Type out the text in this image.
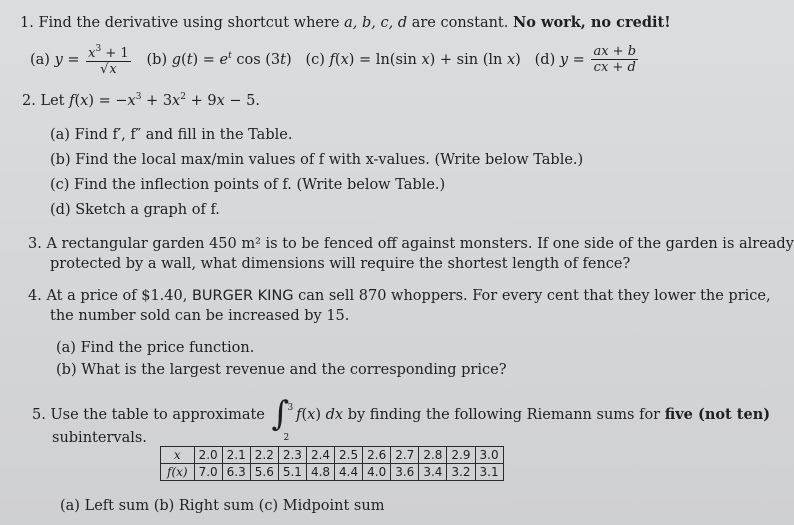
1. Find the derivative using shortcut where a, b, c, d are constant. No work, no credit!
(a) $y = \frac{x^3 + 1}{√x} (b) g(t) = e^t$ cos (3t) (c) f(x) = ln(sin x) + sin (ln x) (d) $y = \frac{ax + b}{cx + d}$
2. Let $f(x) = -x^3 + 3x^2 + 9x - 5$.
(a) Find f′, f″ and fill in the Table.
(b) Find the local max/min values of f with x-values. (Write below Table.)
(c) Find the inflection points of f. (Write below Table.)
(d) Sketch a graph of f.
3. A rectangular garden 450 m² is to be fenced off against monsters. If one side of the garden is already
protected by a wall, what dimensions will require the shortest length of fence?
4. At a price of $1.40, BURGER KING can sell 870 whoppers. For every cent that they lower the price,
the number sold can be increased by 15.
(a) Find the price function.
(b) What is the largest revenue and the corresponding price?
5. Use the table to approximate ∫
3
2
f(x) dx by finding the following Riemann sums for five (not ten)
subintervals.
x	2.0	2.1	2.2	2.3	2.4	2.5	2.6	2.7	2.8	2.9	3.0
f(x)	7.0	6.3	5.6	5.1	4.8	4.4	4.0	3.6	3.4	3.2	3.1
(a) Left sum (b) Right sum (c) Midpoint sum
